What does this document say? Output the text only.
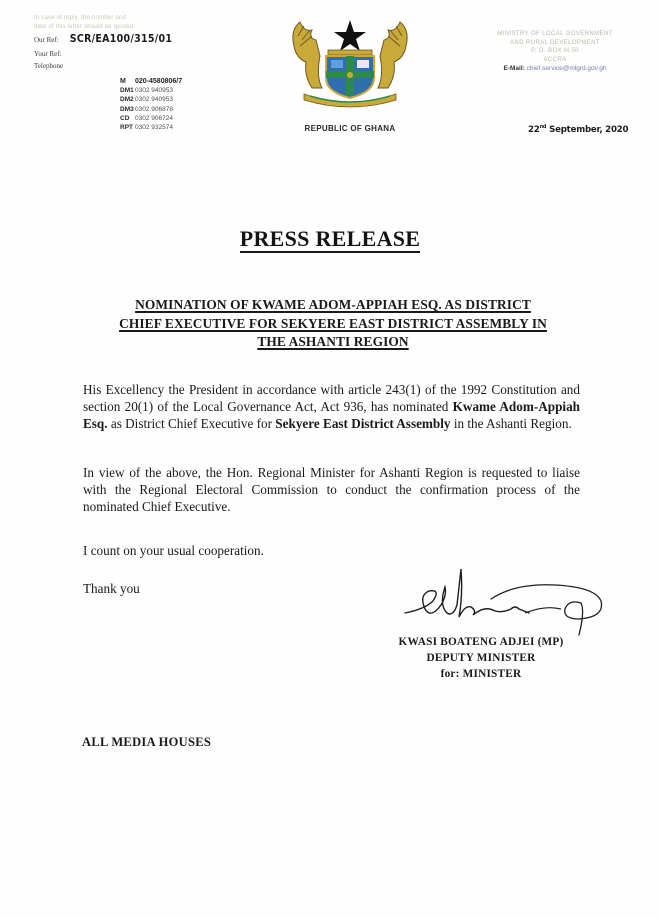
In case of reply, the number and
date of this letter should be quoted
Our Ref: SCR/EA100/315/01
Your Ref:
Telephone
M 020-4580806/7
DM10302 940953
DM20302 940953
DM30302 906878
CD 0302 906724
RPT 0302 932574	REPUBLIC OF GHANA
MINISTRY OF LOCAL GOVERNMENT
AND RURAL DEVELOPMENT
P. O. BOX M.50
ACCRA
E-Mail: chief.service@mlgrd.gov.gh
22nd September, 2020
PRESS RELEASE
NOMINATION OF KWAME ADOM-APPIAH ESQ. AS DISTRICT
CHIEF EXECUTIVE FOR SEKYERE EAST DISTRICT ASSEMBLY IN
THE ASHANTI REGION
His Excellency the President in accordance with article 243(1) of the 1992 Constitution and section 20(1) of the Local Governance Act, Act 936, has nominated Kwame Adom-Appiah Esq. as District Chief Executive for Sekyere East District Assembly in the Ashanti Region.
In view of the above, the Hon. Regional Minister for Ashanti Region is requested to liaise with the Regional Electoral Commission to conduct the confirmation process of the nominated Chief Executive.
I count on your usual cooperation.
Thank you
KWASI BOATENG ADJEI (MP)
DEPUTY MINISTER
for: MINISTER
ALL MEDIA HOUSES
